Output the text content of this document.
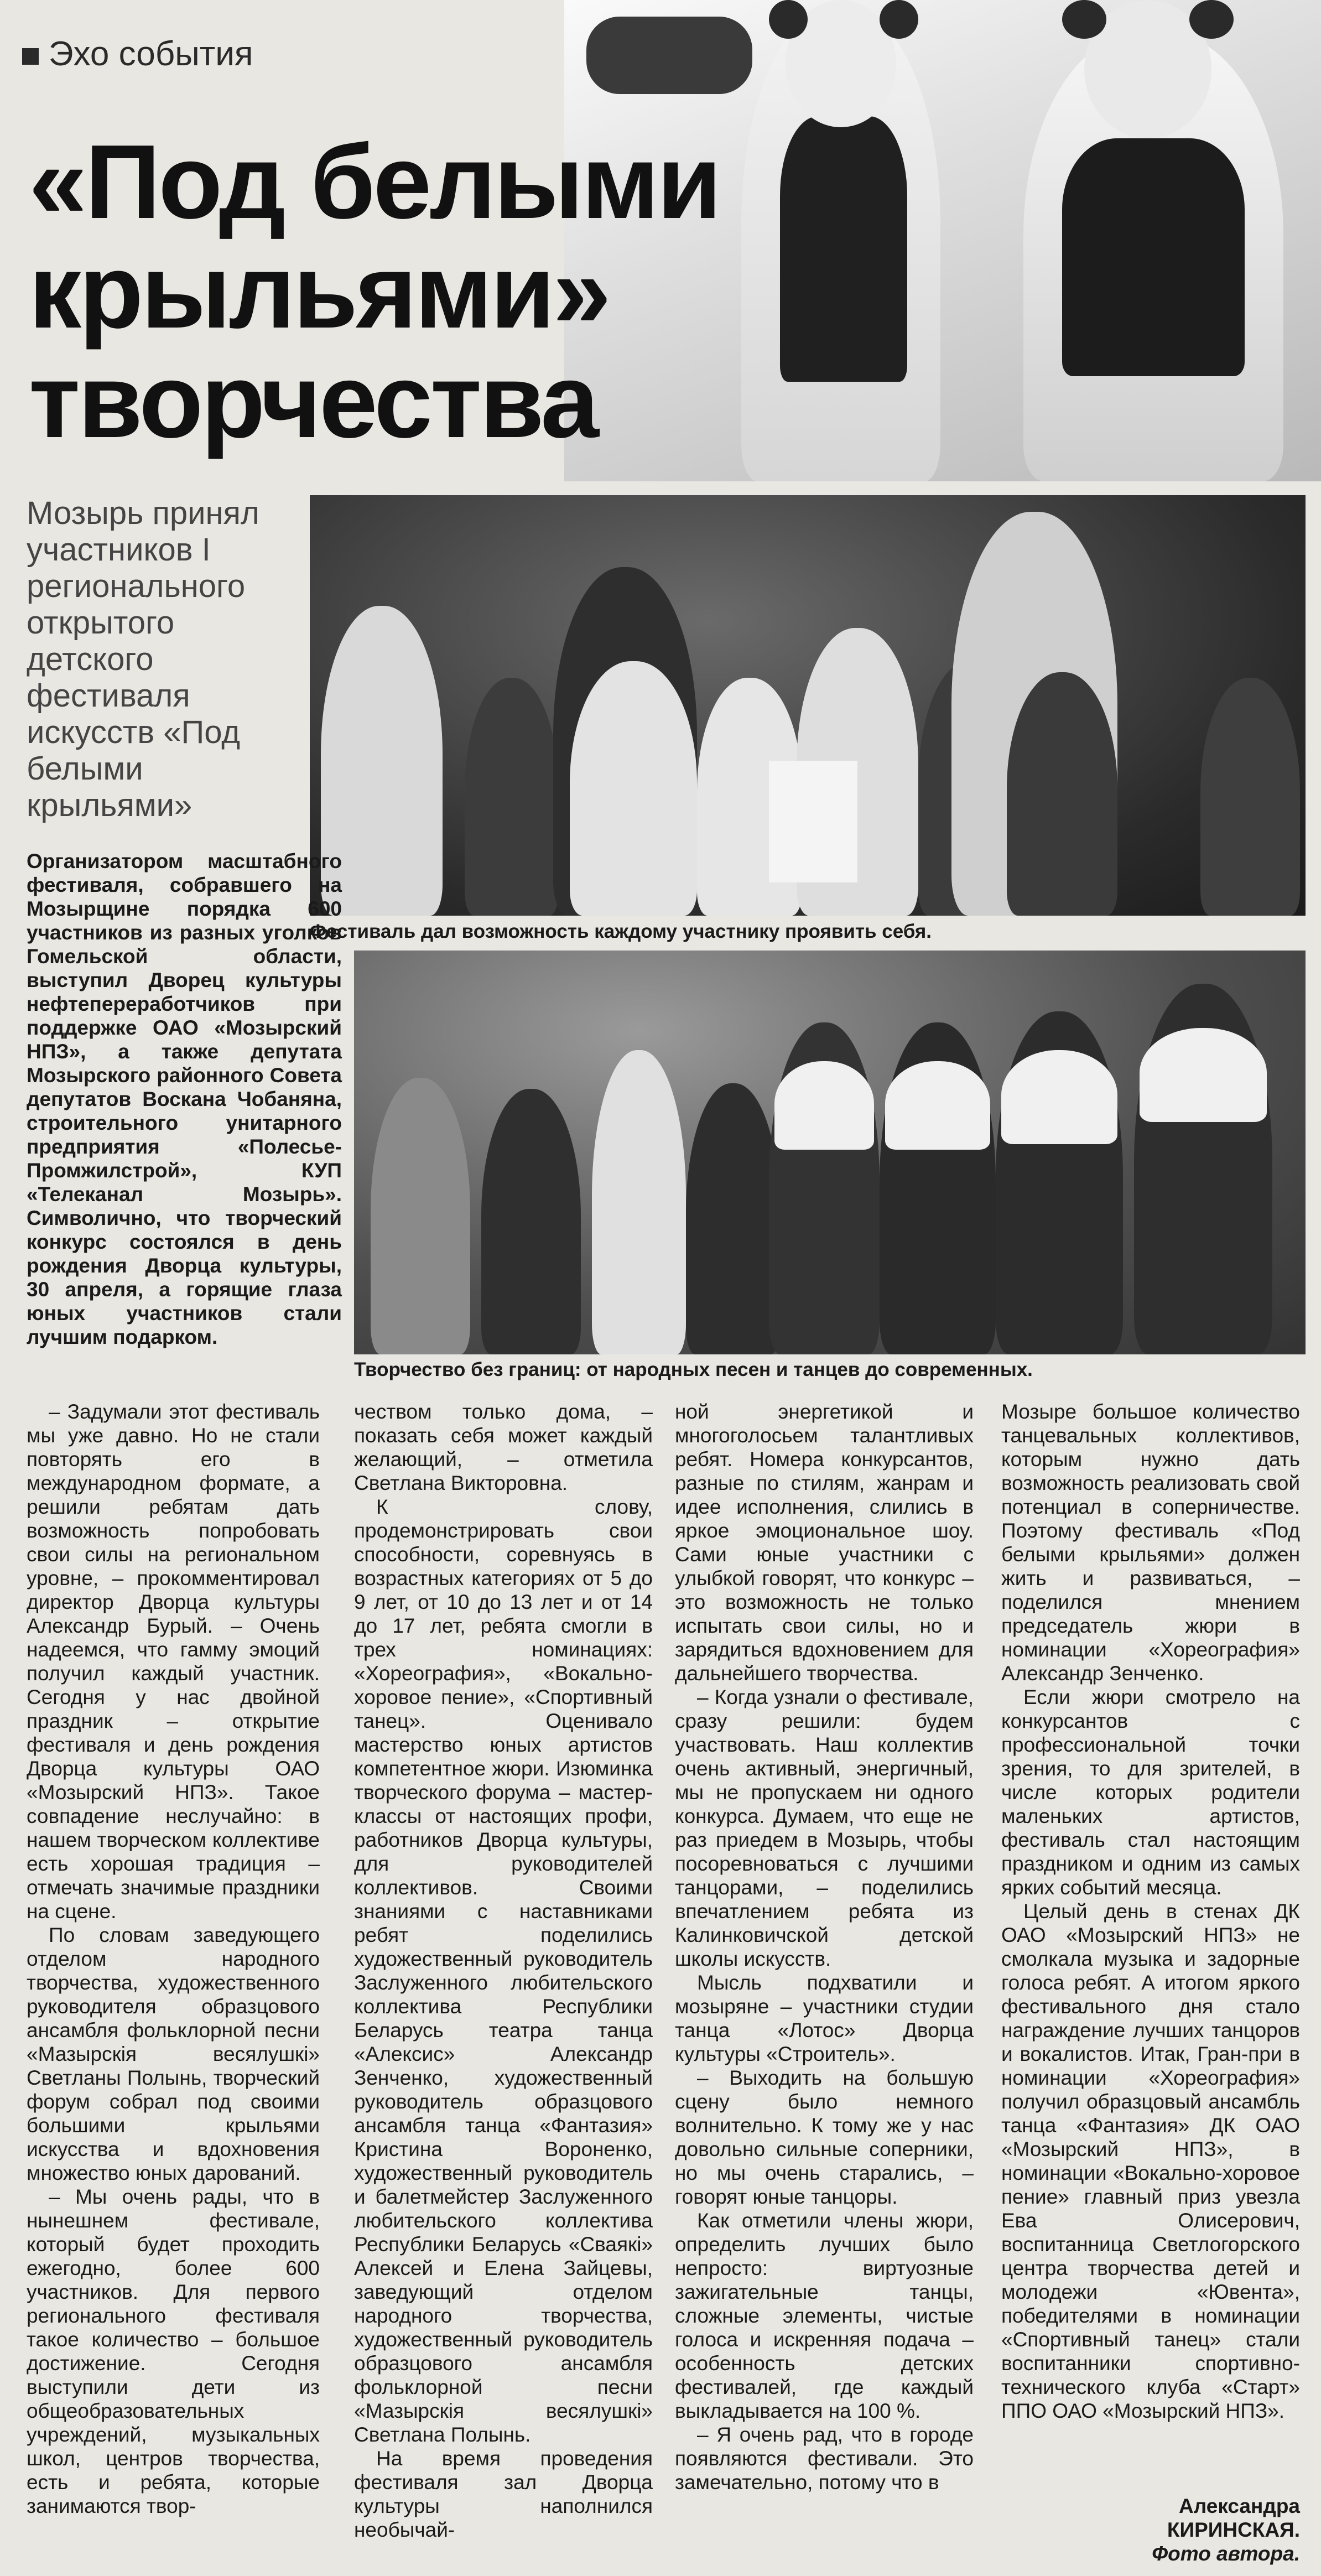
Эхо события
«Под белыми
крыльями»
творчества
Мозырь принял участников I регионального открытого детского фестиваля искусств «Под белыми крыльями»
Фестиваль дал возможность каждому участнику проявить себя.
Организатором масштабного фестиваля, собравшего на Мозырщине порядка 600 участников из разных уголков Гомельской области, выступил Дворец культуры нефтепереработчиков при поддержке ОАО «Мозырский НПЗ», а также депутата Мозырского районного Совета депутатов Воскана Чобаняна, строительного унитарного предприятия «Полесье-Промжилстрой», КУП «Телеканал Мозырь». Символично, что творческий конкурс состоялся в день рождения Дворца культуры, 30 апреля, а горящие глаза юных участников стали лучшим подарком.
Творчество без границ: от народных песен и танцев до современных.

– Задумали этот фестиваль мы уже давно. Но не стали повторять его в международном формате, а решили ребятам дать возможность попробовать свои силы на региональном уровне, – прокомментировал директор Дворца культуры Александр Бурый. – Очень надеемся, что гамму эмоций получил каждый участник. Сегодня у нас двойной праздник – открытие фестиваля и день рождения Дворца культуры ОАО «Мозырский НПЗ». Такое совпадение неслучайно: в нашем творческом коллективе есть хорошая традиция – отмечать значимые праздники на сцене.

По словам заведующего отделом народного творчества, художественного руководителя образцового ансамбля фольклорной песни «Мазырскія весялушкі» Светланы Полынь, творческий форум собрал под своими большими крыльями искусства и вдохновения множество юных дарований.

– Мы очень рады, что в нынешнем фестивале, который будет проходить ежегодно, более 600 участников. Для первого регионального фестиваля такое количество – большое достижение. Сегодня выступили дети из общеобразовательных учреждений, музыкальных школ, центров творчества, есть и ребята, которые занимаются твор-

чеством только дома, – показать себя может каждый желающий, – отметила Светлана Викторовна.

К слову, продемонстрировать свои способности, соревнуясь в возрастных категориях от 5 до 9 лет, от 10 до 13 лет и от 14 до 17 лет, ребята смогли в трех номинациях: «Хореография», «Вокально-хоровое пение», «Спортивный танец». Оценивало мастерство юных артистов компетентное жюри. Изюминка творческого форума – мастер-классы от настоящих профи, работников Дворца культуры, для руководителей коллективов. Своими знаниями с наставниками ребят поделились художественный руководитель Заслуженного любительского коллектива Республики Беларусь театра танца «Алексис» Александр Зенченко, художественный руководитель образцового ансамбля танца «Фантазия» Кристина Вороненко, художественный руководитель и балетмейстер Заслуженного любительского коллектива Республики Беларусь «Сваякі» Алексей и Елена Зайцевы, заведующий отделом народного творчества, художественный руководитель образцового ансамбля фольклорной песни «Мазырскія весялушкі» Светлана Полынь.

На время проведения фестиваля зал Дворца культуры наполнился необычай-

ной энергетикой и многоголосьем талантливых ребят. Номера конкурсантов, разные по стилям, жанрам и идее исполнения, слились в яркое эмоциональное шоу. Сами юные участники с улыбкой говорят, что конкурс – это возможность не только испытать свои силы, но и зарядиться вдохновением для дальнейшего творчества.

– Когда узнали о фестивале, сразу решили: будем участвовать. Наш коллектив очень активный, энергичный, мы не пропускаем ни одного конкурса. Думаем, что еще не раз приедем в Мозырь, чтобы посоревноваться с лучшими танцорами, – поделились впечатлением ребята из Калинковичской детской школы искусств.

Мысль подхватили и мозыряне – участники студии танца «Лотос» Дворца культуры «Строитель».

– Выходить на большую сцену было немного волнительно. К тому же у нас довольно сильные соперники, но мы очень старались, – говорят юные танцоры.

Как отметили члены жюри, определить лучших было непросто: виртуозные зажигательные танцы, сложные элементы, чистые голоса и искренняя подача – особенность детских фестивалей, где каждый выкладывается на 100 %.

– Я очень рад, что в городе появляются фестивали. Это замечательно, потому что в

Мозыре большое количество танцевальных коллективов, которым нужно дать возможность реализовать свой потенциал в соперничестве. Поэтому фестиваль «Под белыми крыльями» должен жить и развиваться, – поделился мнением председатель жюри в номинации «Хореография» Александр Зенченко.

Если жюри смотрело на конкурсантов с профессиональной точки зрения, то для зрителей, в числе которых родители маленьких артистов, фестиваль стал настоящим праздником и одним из самых ярких событий месяца.

Целый день в стенах ДК ОАО «Мозырский НПЗ» не смолкала музыка и задорные голоса ребят. А итогом яркого фестивального дня стало награждение лучших танцоров и вокалистов. Итак, Гран-при в номинации «Хореография» получил образцовый ансамбль танца «Фантазия» ДК ОАО «Мозырский НПЗ», в номинации «Вокально-хоровое пение» главный приз увезла Ева Олисерович, воспитанница Светлогорского центра творчества детей и молодежи «Ювента», победителями в номинации «Спортивный танец» стали воспитанники спортивно-технического клуба «Старт» ППО ОАО «Мозырский НПЗ».

Александра
КИРИНСКАЯ.
Фото автора.
